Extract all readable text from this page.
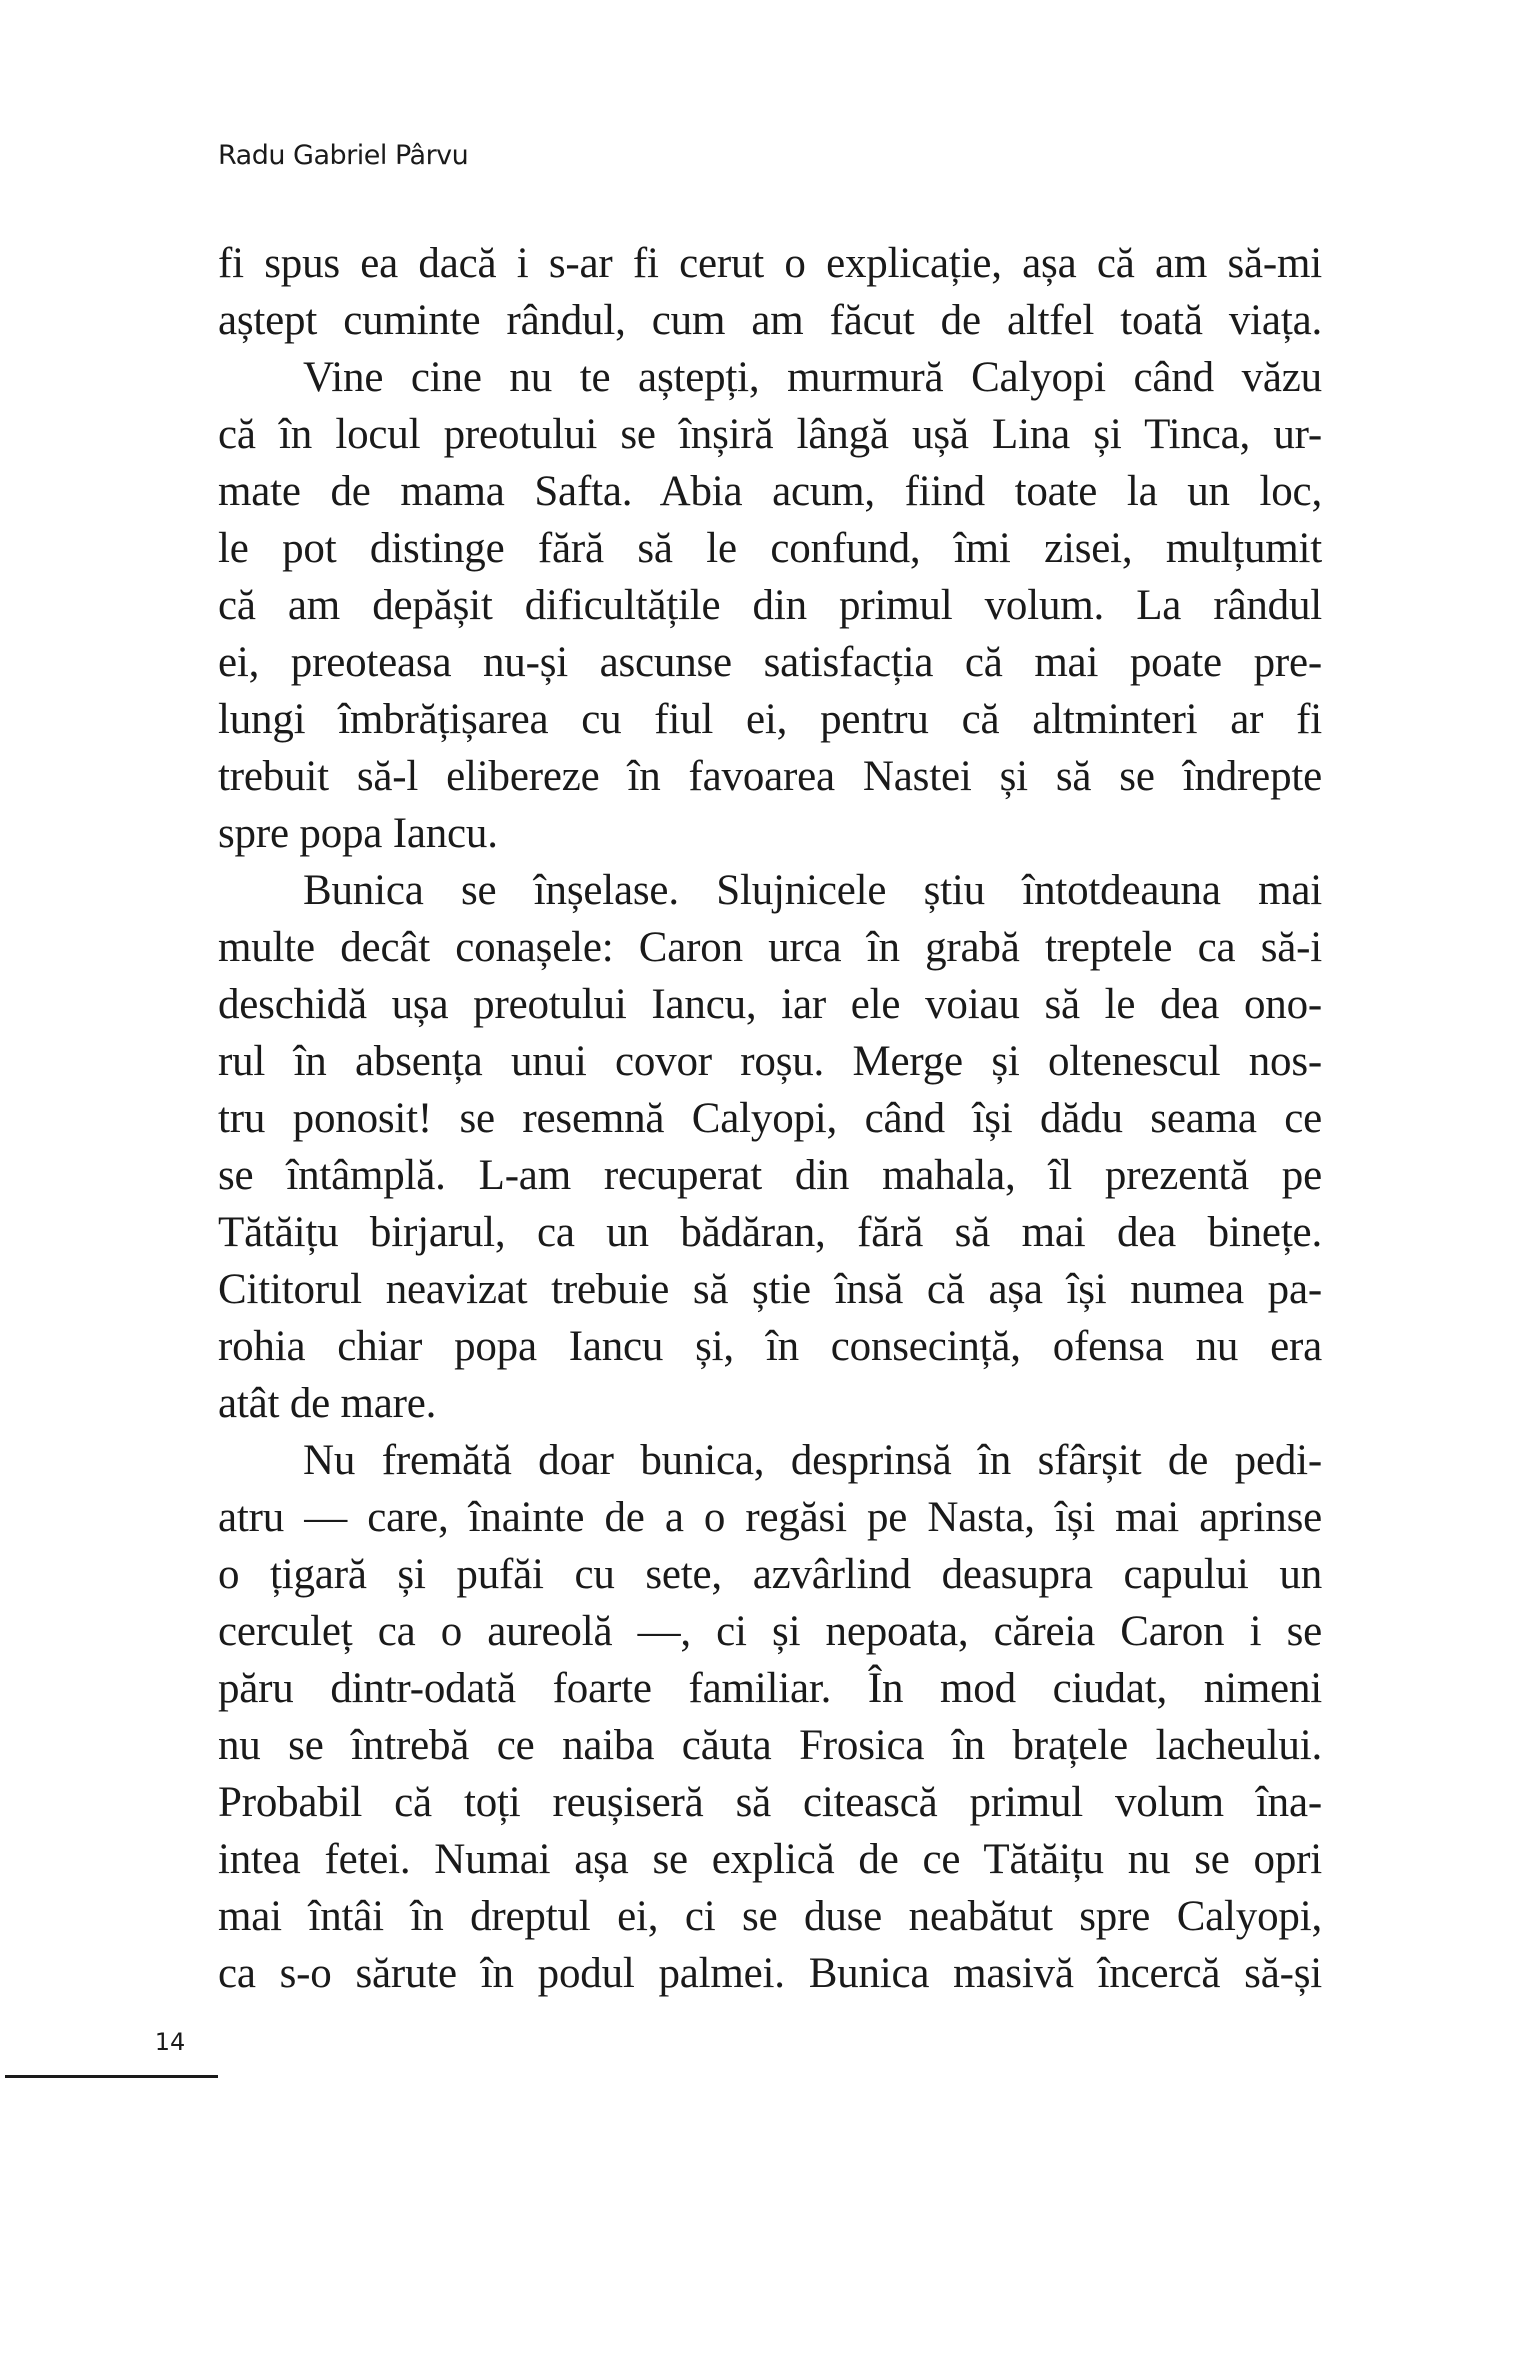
Radu Gabriel Pârvu
fi spus ea dacă i s-ar fi cerut o explicație, așa că am să-mi
aștept cuminte rândul, cum am făcut de altfel toată viața.
Vine cine nu te aștepți, murmură Calyopi când văzu
că în locul preotului se înșiră lângă ușă Lina și Tinca, ur-
mate de mama Safta. Abia acum, fiind toate la un loc,
le pot distinge fără să le confund, îmi zisei, mulțumit
că am depășit dificultățile din primul volum. La rândul
ei, preoteasa nu-și ascunse satisfacția că mai poate pre-
lungi îmbrățișarea cu fiul ei, pentru că altminteri ar fi
trebuit să-l elibereze în favoarea Nastei și să se îndrepte
spre popa Iancu.
Bunica se înșelase. Slujnicele știu întotdeauna mai
multe decât conașele: Caron urca în grabă treptele ca să-i
deschidă ușa preotului Iancu, iar ele voiau să le dea ono-
rul în absența unui covor roșu. Merge și oltenescul nos-
tru ponosit! se resemnă Calyopi, când își dădu seama ce
se întâmplă. L-am recuperat din mahala, îl prezentă pe
Tătăițu birjarul, ca un bădăran, fără să mai dea binețe.
Cititorul neavizat trebuie să știe însă că așa își numea pa-
rohia chiar popa Iancu și, în consecință, ofensa nu era
atât de mare.
Nu fremătă doar bunica, desprinsă în sfârșit de pedi-
atru — care, înainte de a o regăsi pe Nasta, își mai aprinse
o țigară și pufăi cu sete, azvârlind deasupra capului un
cerculeț ca o aureolă —, ci și nepoata, căreia Caron i se
păru dintr-odată foarte familiar. În mod ciudat, nimeni
nu se întrebă ce naiba căuta Frosica în brațele lacheului.
Probabil că toți reușiseră să citească primul volum îna-
intea fetei. Numai așa se explică de ce Tătăițu nu se opri
mai întâi în dreptul ei, ci se duse neabătut spre Calyopi,
ca s-o sărute în podul palmei. Bunica masivă încercă să-și
14
